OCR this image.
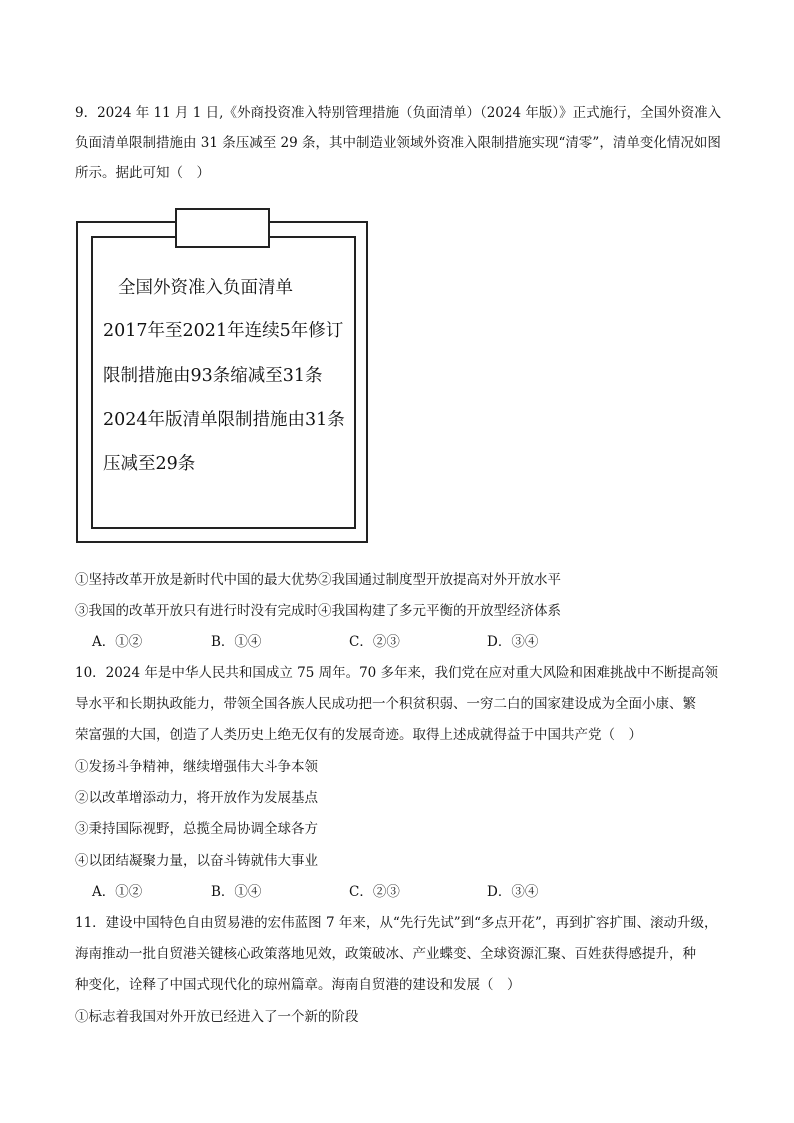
9．2024 年 11 月 1 日,《外商投资准入特别管理措施（负面清单）（2024 年版）》正式施行，全国外资准入
负面清单限制措施由 31 条压减至 29 条，其中制造业领域外资准入限制措施实现“清零”，清单变化情况如图
所示。据此可知（　）
全国外资准入负面清单
2017年至2021年连续5年修订
限制措施由93条缩减至31条
2024年版清单限制措施由31条
压减至29条
①坚持改革开放是新时代中国的最大优势②我国通过制度型开放提高对外开放水平
③我国的改革开放只有进行时没有完成时④我国构建了多元平衡的开放型经济体系
A．①②	B．①④	C．②③	D．③④
10．2024 年是中华人民共和国成立 75 周年。70 多年来，我们党在应对重大风险和困难挑战中不断提高领
导水平和长期执政能力，带领全国各族人民成功把一个积贫积弱、一穷二白的国家建设成为全面小康、繁
荣富强的大国，创造了人类历史上绝无仅有的发展奇迹。取得上述成就得益于中国共产党（　）
①发扬斗争精神，继续增强伟大斗争本领
②以改革增添动力，将开放作为发展基点
③秉持国际视野，总揽全局协调全球各方
④以团结凝聚力量，以奋斗铸就伟大事业
A．①②	B．①④	C．②③	D．③④
11．建设中国特色自由贸易港的宏伟蓝图 7 年来，从“先行先试”到“多点开花”，再到扩容扩围、滚动升级，
海南推动一批自贸港关键核心政策落地见效，政策破冰、产业蝶变、全球资源汇聚、百姓获得感提升，种
种变化，诠释了中国式现代化的琼州篇章。海南自贸港的建设和发展（　）
①标志着我国对外开放已经进入了一个新的阶段
